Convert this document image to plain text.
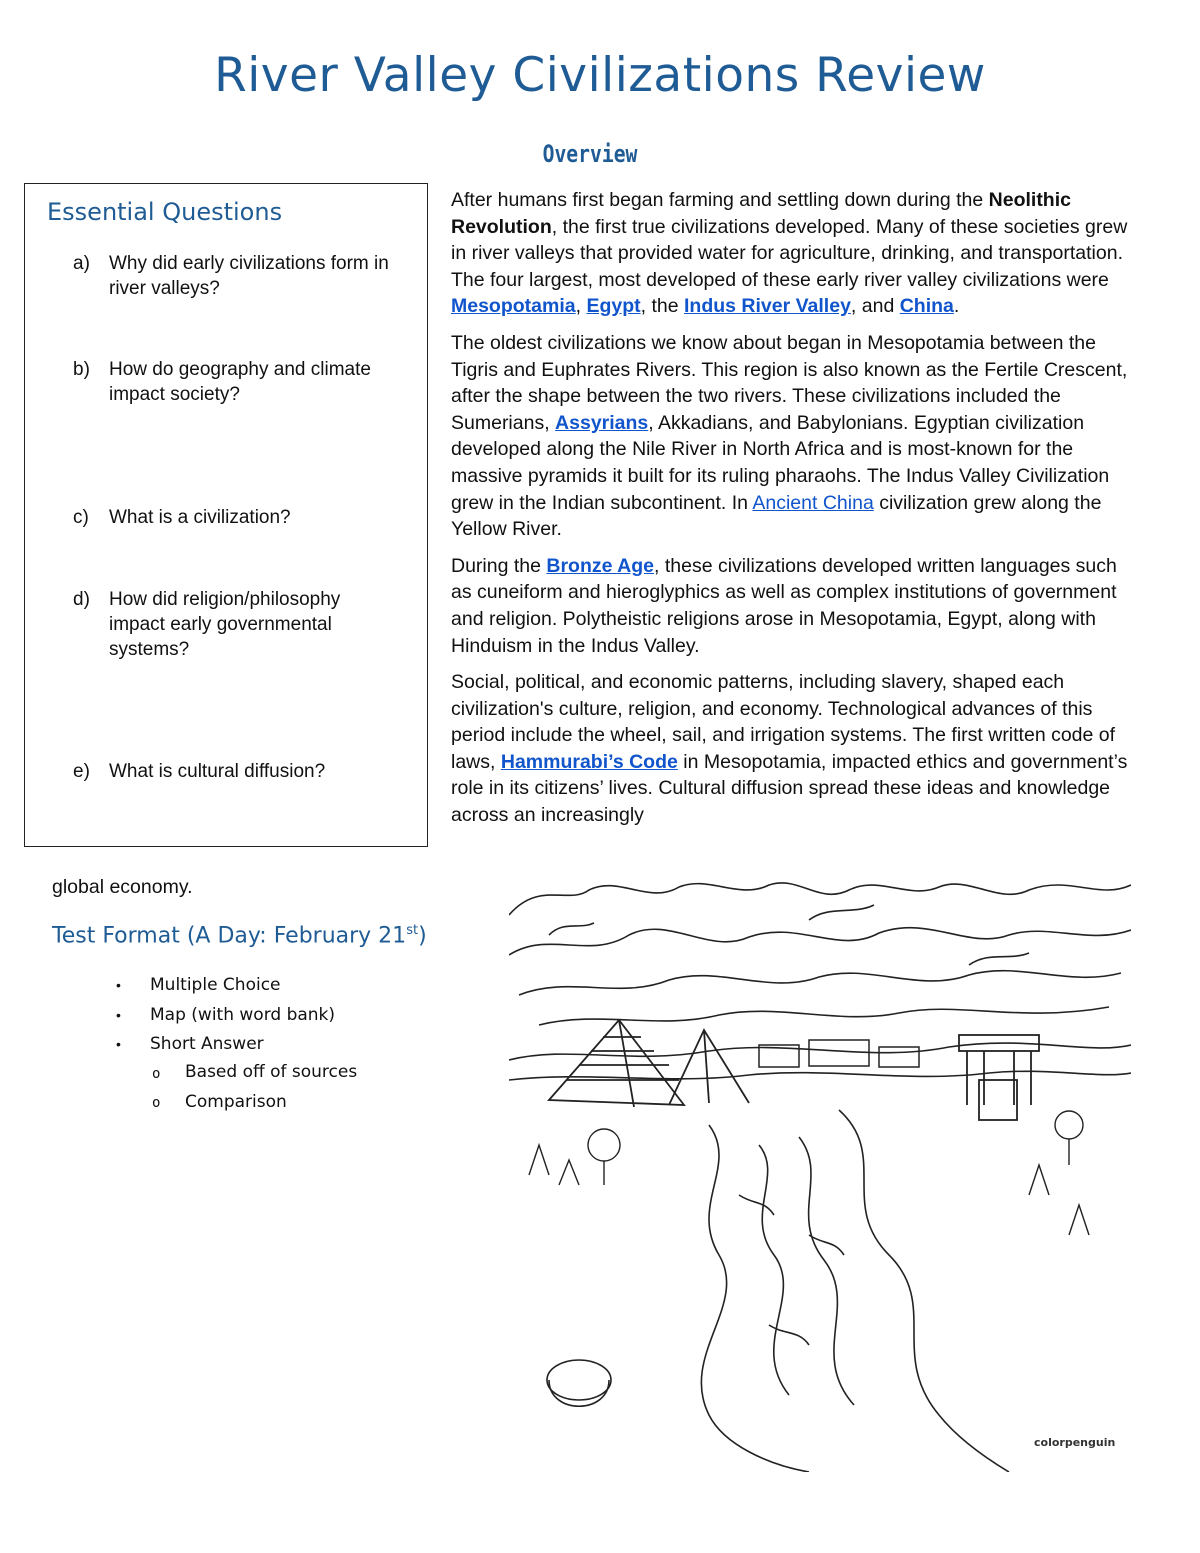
River Valley Civilizations Review
Overview
Essential Questions
a) Why did early civilizations form in river valleys?
b) How do geography and climate impact society?
c) What is a civilization?
d) How did religion/philosophy impact early governmental systems?
e) What is cultural diffusion?

After humans first began farming and settling down during the Neolithic Revolution, the first true civilizations developed. Many of these societies grew in river valleys that provided water for agriculture, drinking, and transportation. The four largest, most developed of these early river valley civilizations were Mesopotamia, Egypt, the Indus River Valley, and China.

The oldest civilizations we know about began in Mesopotamia between the Tigris and Euphrates Rivers. This region is also known as the Fertile Crescent, after the shape between the two rivers. These civilizations included the Sumerians, Assyrians, Akkadians, and Babylonians. Egyptian civilization developed along the Nile River in North Africa and is most-known for the massive pyramids it built for its ruling pharaohs. The Indus Valley Civilization grew in the Indian subcontinent. In Ancient China civilization grew along the Yellow River.

During the Bronze Age, these civilizations developed written languages such as cuneiform and hieroglyphics as well as complex institutions of government and religion. Polytheistic religions arose in Mesopotamia, Egypt, along with Hinduism in the Indus Valley.

Social, political, and economic patterns, including slavery, shaped each civilization's culture, religion, and economy. Technological advances of this period include the wheel, sail, and irrigation systems. The first written code of laws, Hammurabi’s Code in Mesopotamia, impacted ethics and government’s role in its citizens’ lives. Cultural diffusion spread these ideas and knowledge across an increasingly

global economy.
Test Format (A Day: February 21st)
• Multiple Choice
• Map (with word bank)
• Short Answer
o Based off of sources
o Comparison
colorpenguin
